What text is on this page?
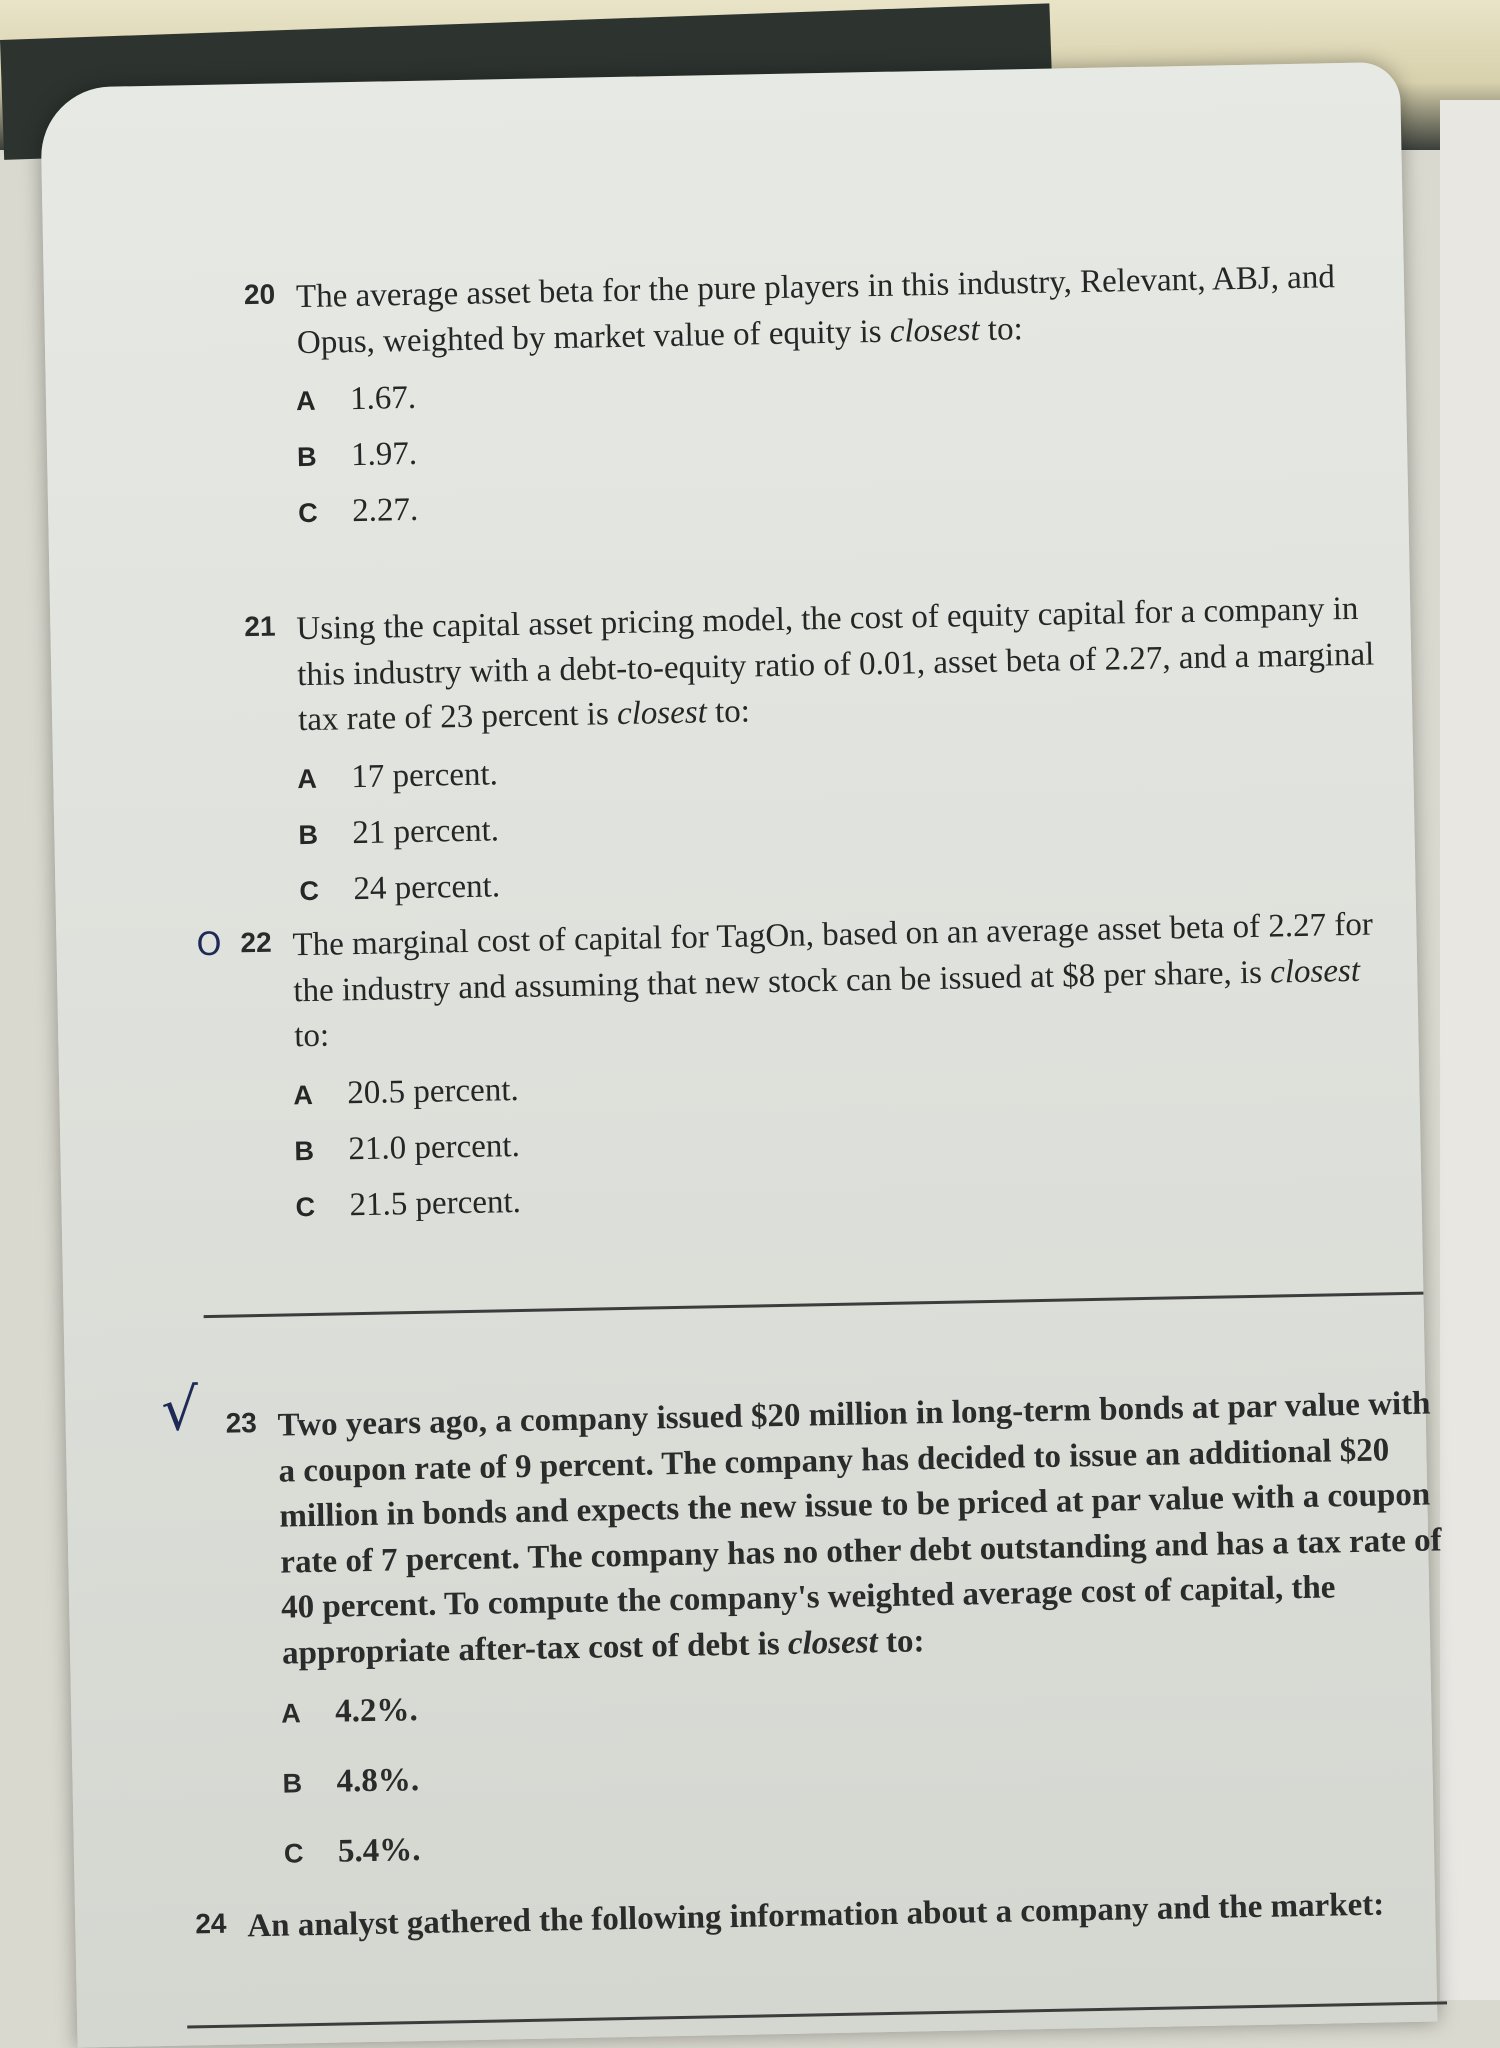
20 The average asset beta for the pure players in this industry, Relevant, ABJ, and Opus, weighted by market value of equity is closest to:
A 1.67.
B 1.97.
C 2.27.
21 Using the capital asset pricing model, the cost of equity capital for a company in this industry with a debt-to-equity ratio of 0.01, asset beta of 2.27, and a marginal tax rate of 23 percent is closest to:
A 17 percent.
B 21 percent.
C 24 percent.
O 22 The marginal cost of capital for TagOn, based on an average asset beta of 2.27 for the industry and assuming that new stock can be issued at $8 per share, is closest to:
A 20.5 percent.
B 21.0 percent.
C 21.5 percent.
√ 23 Two years ago, a company issued $20 million in long-term bonds at par value with a coupon rate of 9 percent. The company has decided to issue an additional $20 million in bonds and expects the new issue to be priced at par value with a coupon rate of 7 percent. The company has no other debt outstanding and has a tax rate of 40 percent. To compute the company's weighted average cost of capital, the appropriate after-tax cost of debt is closest to:
A 4.2%.
B 4.8%.
C 5.4%.
24 An analyst gathered the following information about a company and the market:
